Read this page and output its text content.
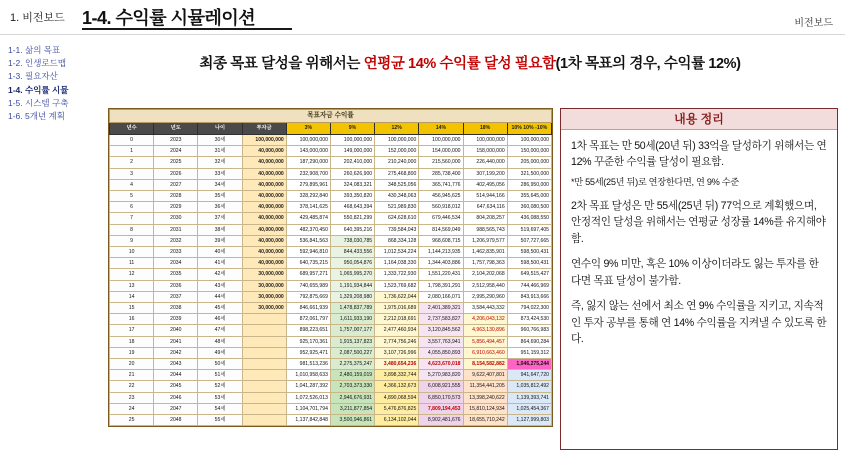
1. 비전보드 1-4. 수익률 시뮬레이션	비전보드
1-1. 삶의 목표
1-2. 인생로드맵
1-3. 필요자산
1-4. 수익률 시뮬
1-5. 시스템 구축
1-6. 5개년 계획
최종 목표 달성을 위해서는 연평균 14% 수익률 달성 필요함(1차 목표의 경우, 수익률 12%)
목표자금 수익률									
년수	년도	나이	투자금	3%	9%	12%	14%	18%	10% 10% -10%
0	2023	30세	100,000,000	100,000,000	100,000,000	100,000,000	100,000,000	100,000,000	100,000,000
1	2024	31세	40,000,000	143,000,000	149,000,000	152,000,000	154,000,000	158,000,000	150,000,000
2	2025	32세	40,000,000	187,290,000	202,410,000	210,240,000	215,560,000	226,440,000	205,000,000
3	2026	33세	40,000,000	232,908,700	260,626,900	275,468,800	285,738,400	307,199,200	321,500,000
4	2027	34세	40,000,000	279,895,961	324,083,321	348,525,056	365,741,776	402,495,056	286,950,000
5	2028	35세	40,000,000	328,292,840	393,350,820	430,348,063	456,945,625	514,944,166	355,645,000
6	2029	36세	40,000,000	378,141,625	468,643,394	521,989,830	560,918,012	647,634,116	360,080,500
7	2030	37세	40,000,000	429,485,874	550,821,299	624,628,610	679,446,534	804,208,257	436,088,550
8	2031	38세	40,000,000	482,370,450	640,395,216	739,584,043	814,569,049	988,565,743	519,697,405
9	2032	39세	40,000,000	536,841,563	738,030,785	868,334,128	968,608,715	1,206,979,577	507,727,665
10	2033	40세	40,000,000	592,946,810	844,433,556	1,012,534,224	1,144,213,935	1,462,835,901	598,500,431
11	2034	41세	40,000,000	640,735,215	950,054,876	1,164,038,330	1,344,403,886	1,757,798,363	598,500,431
12	2035	42세	30,000,000	689,957,271	1,065,995,270	1,333,722,930	1,551,220,431	2,104,202,068	649,515,427
13	2036	43세	30,000,000	740,655,989	1,191,934,844	1,523,769,682	1,798,391,291	2,512,958,440	744,466,969
14	2037	44세	30,000,000	792,875,669	1,329,208,980	1,736,622,044	2,080,166,071	2,995,290,960	843,913,666
15	2038	45세	30,000,000	846,661,939	1,478,837,789	1,975,016,689	2,401,389,321	3,584,443,332	794,022,300
16	2039	46세		872,061,797	1,611,933,190	2,212,018,691	2,737,583,827	4,206,043,132	873,424,530
17	2040	47세		898,223,651	1,757,007,177	2,477,460,934	3,120,845,562	4,963,130,896	960,766,983
18	2041	48세		925,170,361	1,915,137,823	2,774,756,246	3,557,763,941	5,856,494,457	864,690,284
19	2042	49세		952,925,471	2,087,500,227	3,107,726,996	4,055,850,893	6,910,663,460	951,159,312
20	2043	50세		981,513,236	2,275,375,247	3,480,654,236	4,623,670,018	8,154,582,882	1,046,275,244
21	2044	51세		1,010,958,633	2,480,159,019	3,898,332,744	5,270,983,820	9,622,407,801	941,647,720
22	2045	52세		1,041,287,392	2,703,373,330	4,366,132,673	6,008,921,555	11,354,441,205	1,035,812,492
23	2046	53세		1,072,526,013	2,946,676,931	4,890,068,594	6,850,170,573	13,398,240,622	1,139,393,741
24	2047	54세		1,104,701,794	3,211,877,854	5,476,876,825	7,809,194,453	15,810,124,934	1,025,454,367
25	2048	55세		1,137,842,848	3,500,946,861	6,134,102,044	8,902,481,676	18,655,710,242	1,127,999,803
내용 정리

1차 목표는 만 50세(20년 뒤) 33억을 달성하기 위해서는 연 12% 꾸준한 수익률 달성이 필요함.

*만 55세(25년 뒤)로 연장한다면, 연 9% 수준

2차 목표 달성은 만 55세(25년 뒤) 77억으로 계획했으며, 안정적인 달성을 위해서는 연평균 성장률 14%를 유지해야 함.

연수익 9% 미만, 혹은 10% 이상이더라도 잃는 투자를 한다면 목표 달성이 불가함.

즉, 잃지 않는 선에서 최소 연 9% 수익률을 지키고, 지속적인 투자 공부를 통해 연 14% 수익률을 지켜낼 수 있도록 한다.
